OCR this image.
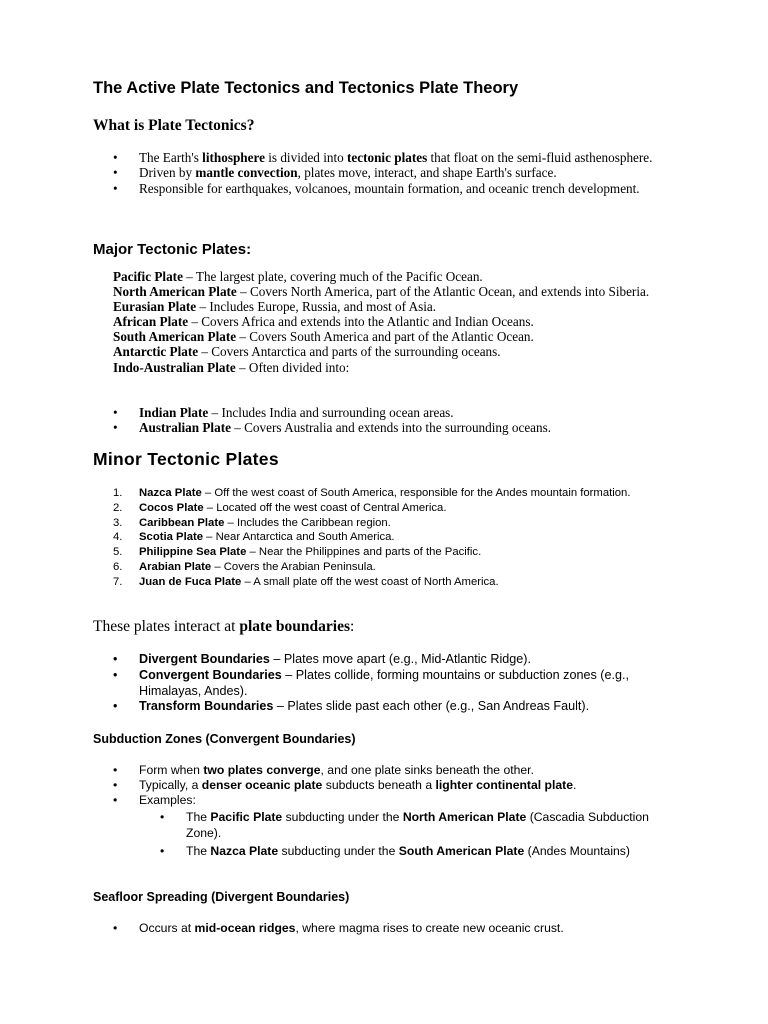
The Active Plate Tectonics and Tectonics Plate Theory
What is Plate Tectonics?
• The Earth's lithosphere is divided into tectonic plates that float on the semi-fluid asthenosphere.
• Driven by mantle convection, plates move, interact, and shape Earth's surface.
• Responsible for earthquakes, volcanoes, mountain formation, and oceanic trench development.
Major Tectonic Plates:

Pacific Plate – The largest plate, covering much of the Pacific Ocean.

North American Plate – Covers North America, part of the Atlantic Ocean, and extends into Siberia.

Eurasian Plate – Includes Europe, Russia, and most of Asia.

African Plate – Covers Africa and extends into the Atlantic and Indian Oceans.

South American Plate – Covers South America and part of the Atlantic Ocean.

Antarctic Plate – Covers Antarctica and parts of the surrounding oceans.

Indo-Australian Plate – Often divided into:

• Indian Plate – Includes India and surrounding ocean areas.
• Australian Plate – Covers Australia and extends into the surrounding oceans.
Minor Tectonic Plates
1. Nazca Plate – Off the west coast of South America, responsible for the Andes mountain formation.
2. Cocos Plate – Located off the west coast of Central America.
3. Caribbean Plate – Includes the Caribbean region.
4. Scotia Plate – Near Antarctica and South America.
5. Philippine Sea Plate – Near the Philippines and parts of the Pacific.
6. Arabian Plate – Covers the Arabian Peninsula.
7. Juan de Fuca Plate – A small plate off the west coast of North America.

These plates interact at plate boundaries:

• Divergent Boundaries – Plates move apart (e.g., Mid-Atlantic Ridge).
• Convergent Boundaries – Plates collide, forming mountains or subduction zones (e.g., Himalayas, Andes).
• Transform Boundaries – Plates slide past each other (e.g., San Andreas Fault).
Subduction Zones (Convergent Boundaries)
• Form when two plates converge, and one plate sinks beneath the other.
• Typically, a denser oceanic plate subducts beneath a lighter continental plate.
• Examples:
• The Pacific Plate subducting under the North American Plate (Cascadia Subduction Zone).
• The Nazca Plate subducting under the South American Plate (Andes Mountains)
Seafloor Spreading (Divergent Boundaries)
• Occurs at mid-ocean ridges, where magma rises to create new oceanic crust.
